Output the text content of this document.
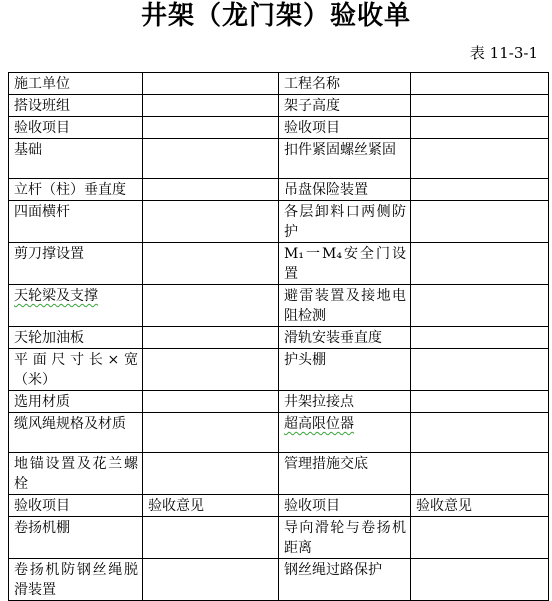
井架（龙门架）验收单
表 11-3-1
施工单位		工程名称	
搭设班组		架子高度	
验收项目		验收项目	
基础		扣件紧固螺丝紧固	
立杆（柱）垂直度		吊盘保险装置	
四面横杆		各层卸料口两侧防护	
剪刀撑设置		M₁一M₄安全门设置	
天轮梁及支撑		避雷装置及接地电阻检测	
天轮加油板		滑轨安装垂直度	
平面尺寸长×宽（米）		护头棚	
选用材质		井架拉接点	
缆风绳规格及材质		超高限位器	
地锚设置及花兰螺栓		管理措施交底	
验收项目	验收意见	验收项目	验收意见
卷扬机棚		导向滑轮与卷扬机距离	
卷扬机防钢丝绳脱滑装置		钢丝绳过路保护	
